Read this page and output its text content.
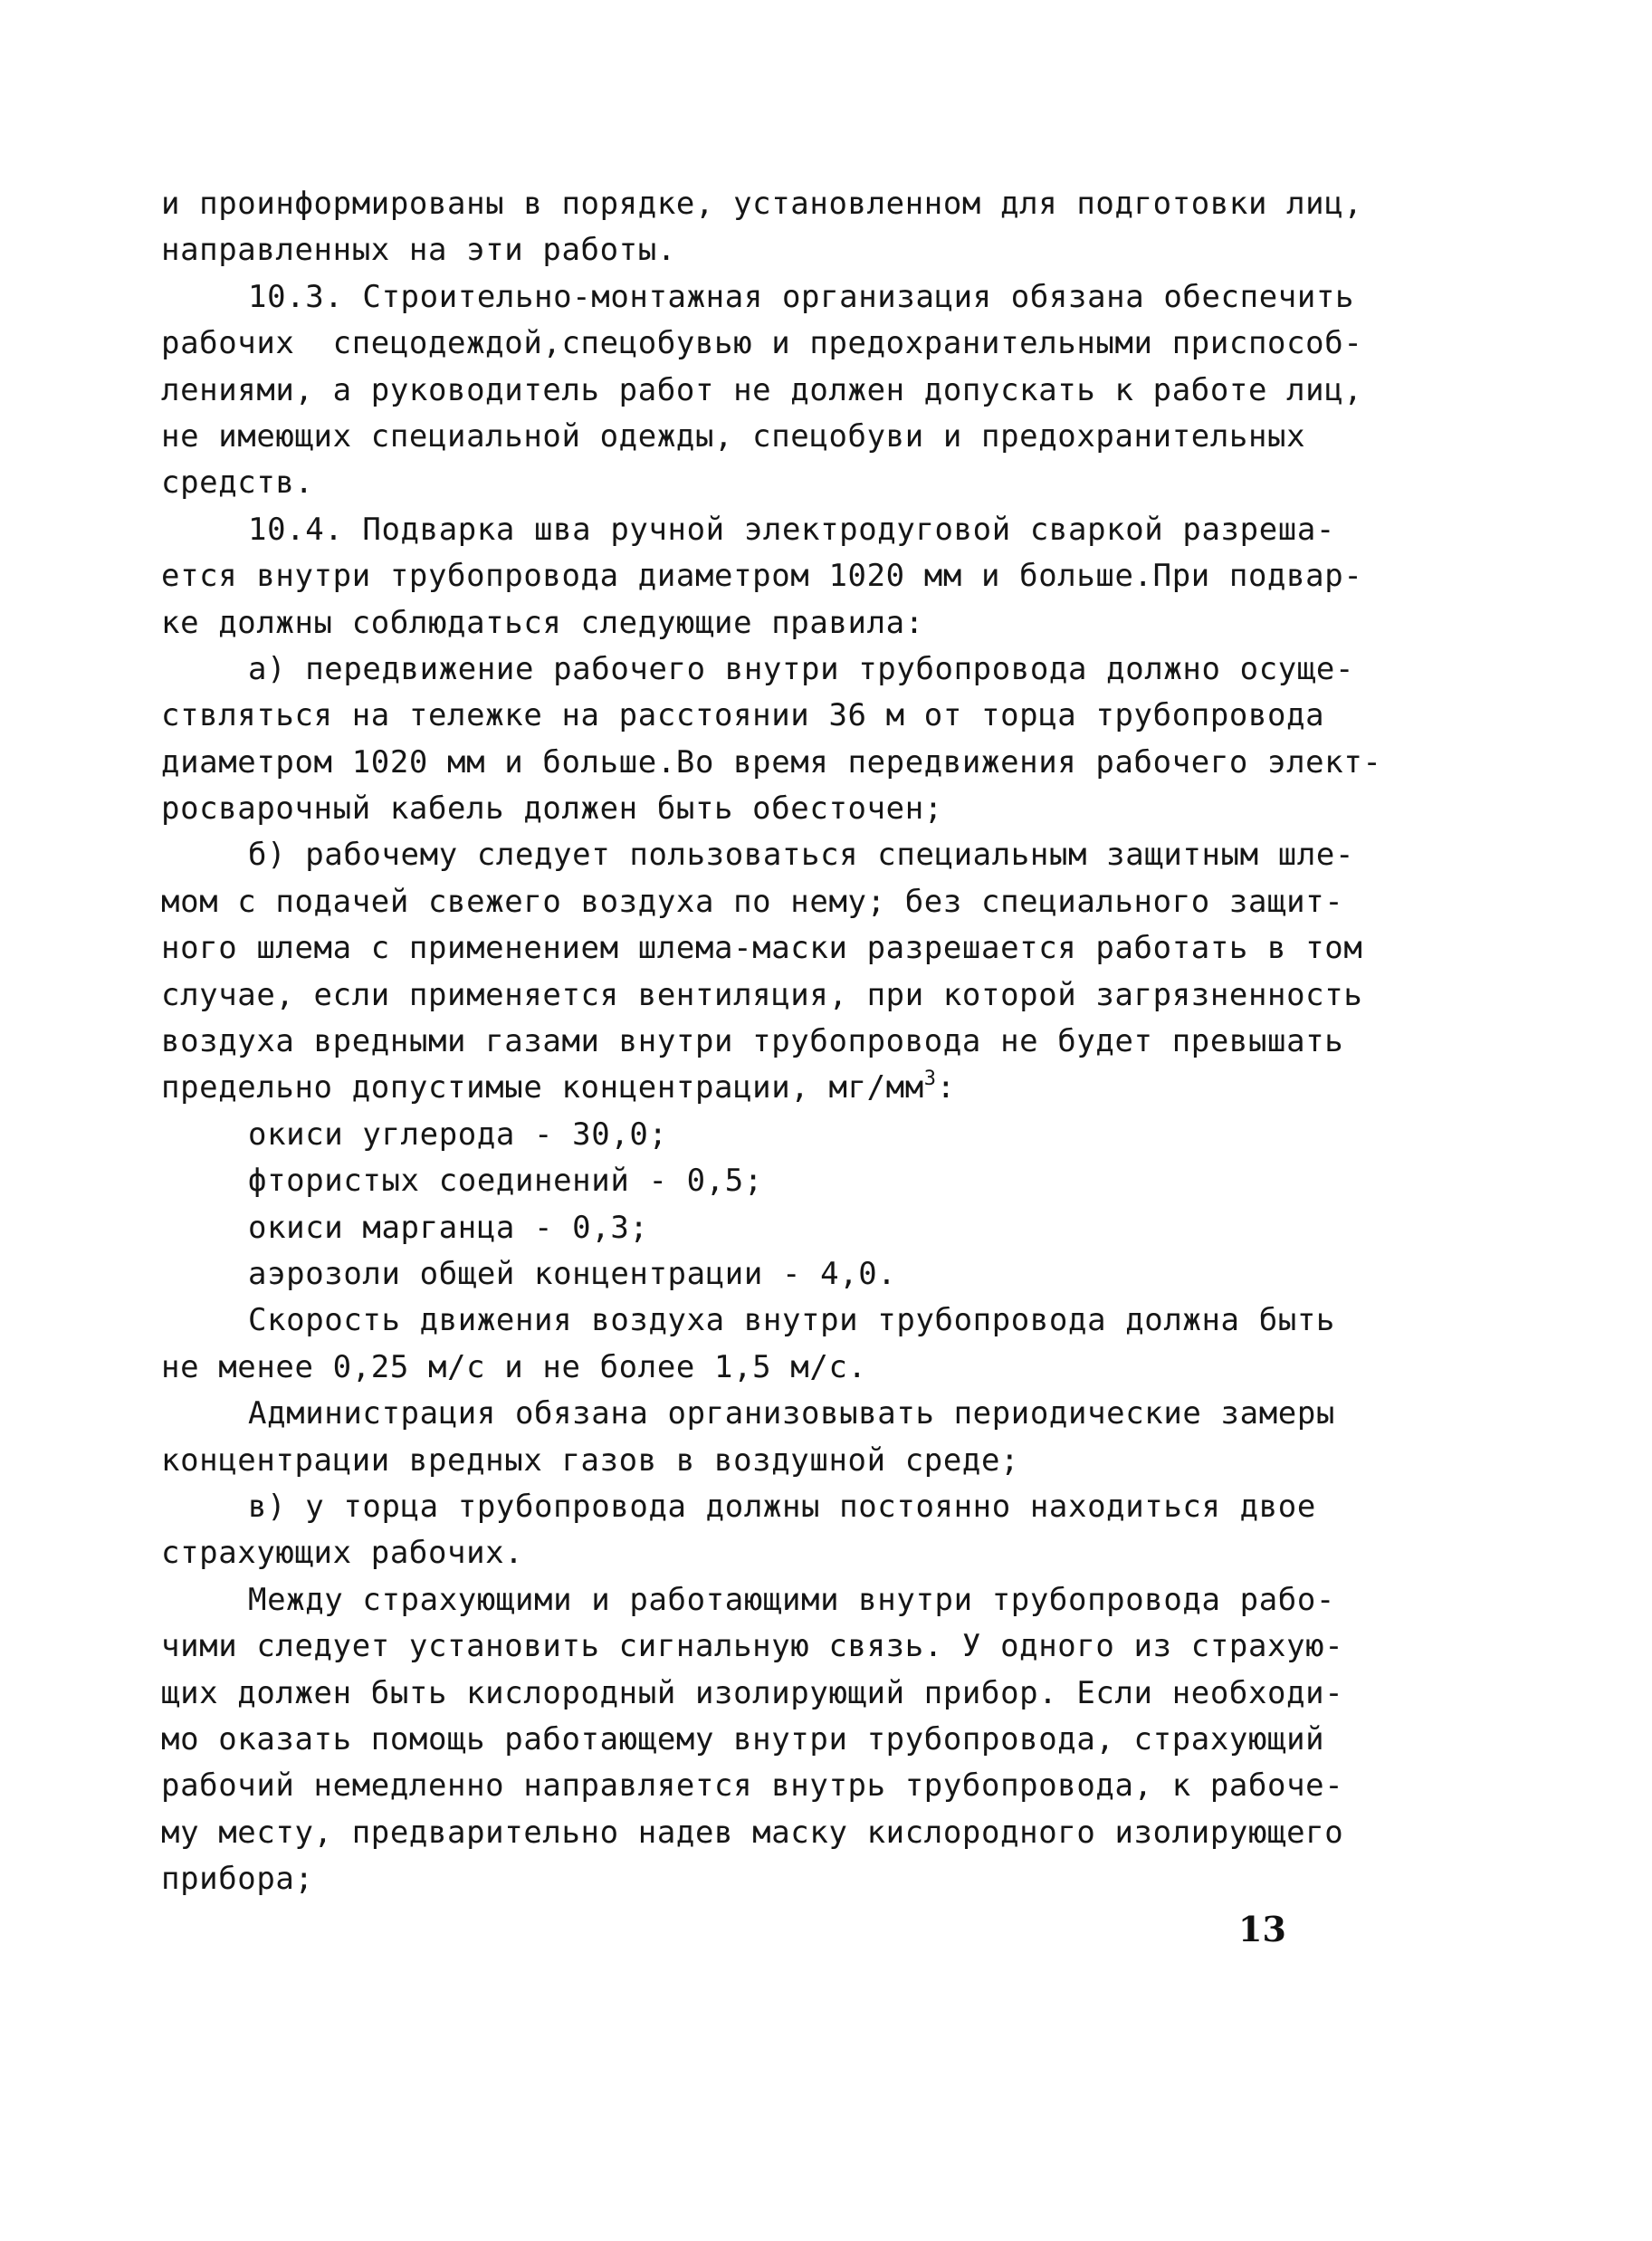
и проинформированы в порядке, установленном для подготовки лиц,
направленных на эти работы.
10.3. Строительно-монтажная организация обязана обеспечить
рабочих  спецодеждой,спецобувью и предохранительными приспособ-
лениями, а руководитель работ не должен допускать к работе лиц,
не имеющих специальной одежды, спецобуви и предохранительных
средств.
10.4. Подварка шва ручной электродуговой сваркой разреша-
ется внутри трубопровода диаметром 1020 мм и больше.При подвар-
ке должны соблюдаться следующие правила:
а) передвижение рабочего внутри трубопровода должно осуще-
ствляться на тележке на расстоянии 36 м от торца трубопровода
диаметром 1020 мм и больше.Во время передвижения рабочего элект-
росварочный кабель должен быть обесточен;
б) рабочему следует пользоваться специальным защитным шле-
мом с подачей свежего воздуха по нему; без специального защит-
ного шлема с применением шлема-маски разрешается работать в том
случае, если применяется вентиляция, при которой загрязненность
воздуха вредными газами внутри трубопровода не будет превышать
предельно допустимые концентрации, $мг/мм^3$:
окиси углерода - 30,0;
фтористых соединений - 0,5;
окиси марганца - 0,3;
аэрозоли общей концентрации - 4,0.
Скорость движения воздуха внутри трубопровода должна быть
не менее 0,25 м/с и не более 1,5 м/с.
Администрация обязана организовывать периодические замеры
концентрации вредных газов в воздушной среде;
в) у торца трубопровода должны постоянно находиться двое
страхующих рабочих.
Между страхующими и работающими внутри трубопровода рабо-
чими следует установить сигнальную связь. У одного из страхую-
щих должен быть кислородный изолирующий прибор. Если необходи-
мо оказать помощь работающему внутри трубопровода, страхующий
рабочий немедленно направляется внутрь трубопровода, к рабоче-
му месту, предварительно надев маску кислородного изолирующего
прибора;
13
